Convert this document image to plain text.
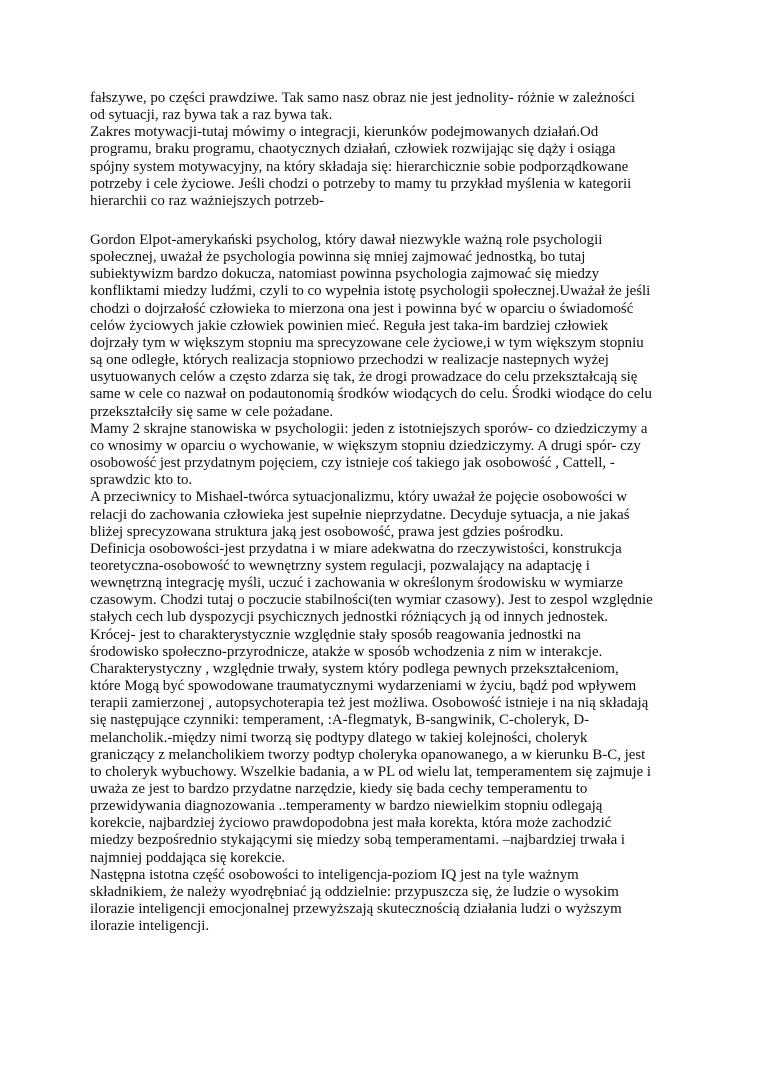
fałszywe, po części prawdziwe. Tak samo nasz obraz nie jest jednolity- różnie w zależności
od sytuacji, raz bywa tak a raz bywa tak.
Zakres motywacji-tutaj mówimy o integracji, kierunków podejmowanych działań.Od
programu, braku programu, chaotycznych działań, człowiek rozwijając się dąży i osiąga
spójny system motywacyjny, na który składaja się: hierarchicznie sobie podporządkowane
potrzeby i cele życiowe. Jeśli chodzi o potrzeby to mamy tu przykład myślenia w kategorii
hierarchii co raz ważniejszych potrzeb-
Gordon Elpot-amerykański psycholog, który dawał niezwykle ważną role psychologii
społecznej, uważał że psychologia powinna się mniej zajmować jednostką, bo tutaj
subiektywizm bardzo dokucza, natomiast powinna psychologia zajmować się miedzy
konfliktami miedzy ludźmi, czyli to co wypełnia istotę psychologii społecznej.Uważał że jeśli
chodzi o dojrzałość człowieka to mierzona ona jest i powinna być w oparciu o świadomość
celów życiowych jakie człowiek powinien mieć. Reguła jest taka-im bardziej człowiek
dojrzały tym w większym stopniu ma sprecyzowane cele życiowe,i w tym większym stopniu
są one odległe, których realizacja stopniowo przechodzi w realizacje nastepnych wyżej
usytuowanych celów a często zdarza się tak, że drogi prowadzace do celu przekształcają się
same w cele co nazwał on podautonomią środków wiodących do celu. Środki wiodące do celu
przekształciły się same w cele pożadane.
Mamy 2 skrajne stanowiska w psychologii: jeden z istotniejszych sporów- co dziedziczymy a
co wnosimy w oparciu o wychowanie, w większym stopniu dziedziczymy. A drugi spór- czy
osobowość jest przydatnym pojęciem, czy istnieje coś takiego jak osobowość , Cattell, -
sprawdzic kto to.
A przeciwnicy to Mishael-twórca sytuacjonalizmu, który uważał że pojęcie osobowości w
relacji do zachowania człowieka jest supełnie nieprzydatne. Decyduje sytuacja, a nie jakaś
bliżej sprecyzowana struktura jaką jest osobowość, prawa jest gdzies pośrodku.
Definicja osobowości-jest przydatna i w miare adekwatna do rzeczywistości, konstrukcja
teoretyczna-osobowość to wewnętrzny system regulacji, pozwalający na adaptację i
wewnętrzną integrację myśli, uczuć i zachowania w określonym środowisku w wymiarze
czasowym. Chodzi tutaj o poczucie stabilności(ten wymiar czasowy). Jest to zespol względnie
stałych cech lub dyspozycji psychicznych jednostki różniących ją od innych jednostek.
Krócej- jest to charakterystycznie względnie stały sposób reagowania jednostki na
środowisko społeczno-przyrodnicze, atakże w sposób wchodzenia z nim w interakcje.
Charakterystyczny , względnie trwały, system który podlega pewnych przekształceniom,
które Mogą być spowodowane traumatycznymi wydarzeniami w życiu, bądź pod wpływem
terapii zamierzonej , autopsychoterapia też jest możliwa. Osobowość istnieje i na nią składają
się następujące czynniki: temperament, :A-flegmatyk, B-sangwinik, C-choleryk, D-
melancholik.-między nimi tworzą się podtypy dlatego w takiej kolejności, choleryk
graniczący z melancholikiem tworzy podtyp choleryka opanowanego, a w kierunku B-C, jest
to choleryk wybuchowy. Wszelkie badania, a w PL od wielu lat, temperamentem się zajmuje i
uważa ze jest to bardzo przydatne narzędzie, kiedy się bada cechy temperamentu to
przewidywania diagnozowania ..temperamenty w bardzo niewielkim stopniu odlegają
korekcie, najbardziej życiowo prawdopodobna jest mała korekta, która może zachodzić
miedzy bezpośrednio stykającymi się miedzy sobą temperamentami. –najbardziej trwała i
najmniej poddająca się korekcie.
Następna istotna część osobowości to inteligencja-poziom IQ jest na tyle ważnym
składnikiem, że należy wyodrębniać ją oddzielnie: przypuszcza się, że ludzie o wysokim
ilorazie inteligencji emocjonalnej przewyższają skutecznością działania ludzi o wyższym
ilorazie inteligencji.
